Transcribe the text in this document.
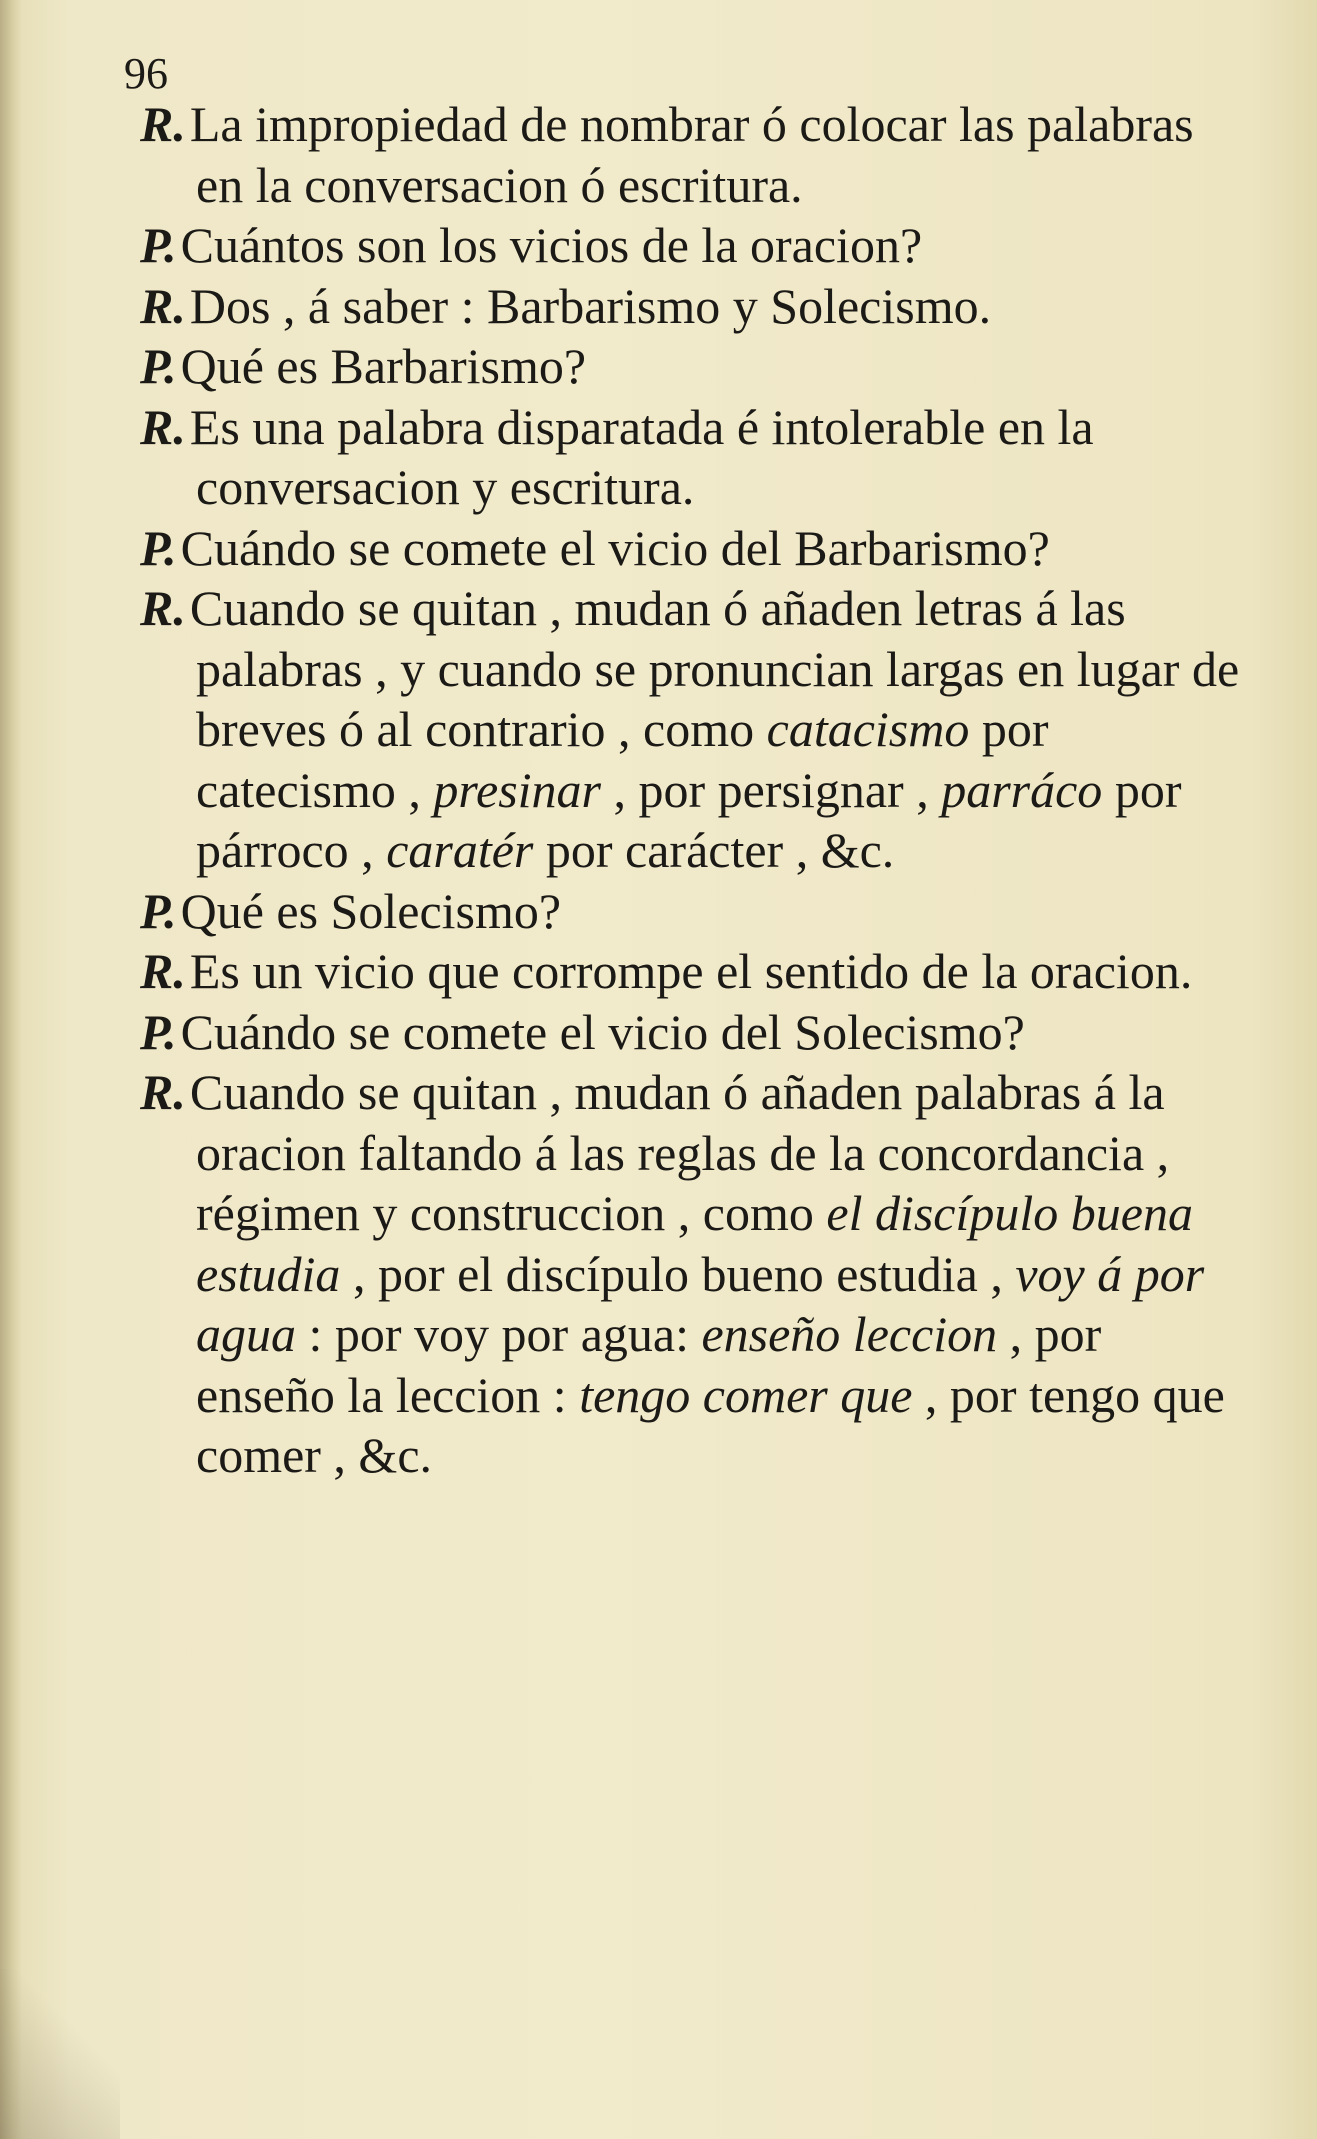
96

R.La impropiedad de nombrar ó colocar las palabras en la conversacion ó escritura.

P.Cuántos son los vicios de la oracion?

R.Dos , á saber : Barbarismo y Solecismo.

P.Qué es Barbarismo?

R.Es una palabra disparatada é intolerable en la conversacion y escritura.

P.Cuándo se comete el vicio del Barbarismo?

R.Cuando se quitan , mudan ó añaden letras á las palabras , y cuando se pronuncian largas en lugar de breves ó al contrario , como catacismo por catecismo , presinar , por persignar , parráco por párroco , caratér por carácter , &c.

P.Qué es Solecismo?

R.Es un vicio que corrompe el sentido de la oracion.

P.Cuándo se comete el vicio del Solecismo?

R.Cuando se quitan , mudan ó añaden palabras á la oracion faltando á las reglas de la concordancia , régimen y construccion , como el discípulo buena estudia , por el discípulo bueno estudia , voy á por agua : por voy por agua: enseño leccion , por enseño la leccion : tengo comer que , por tengo que comer , &c.
